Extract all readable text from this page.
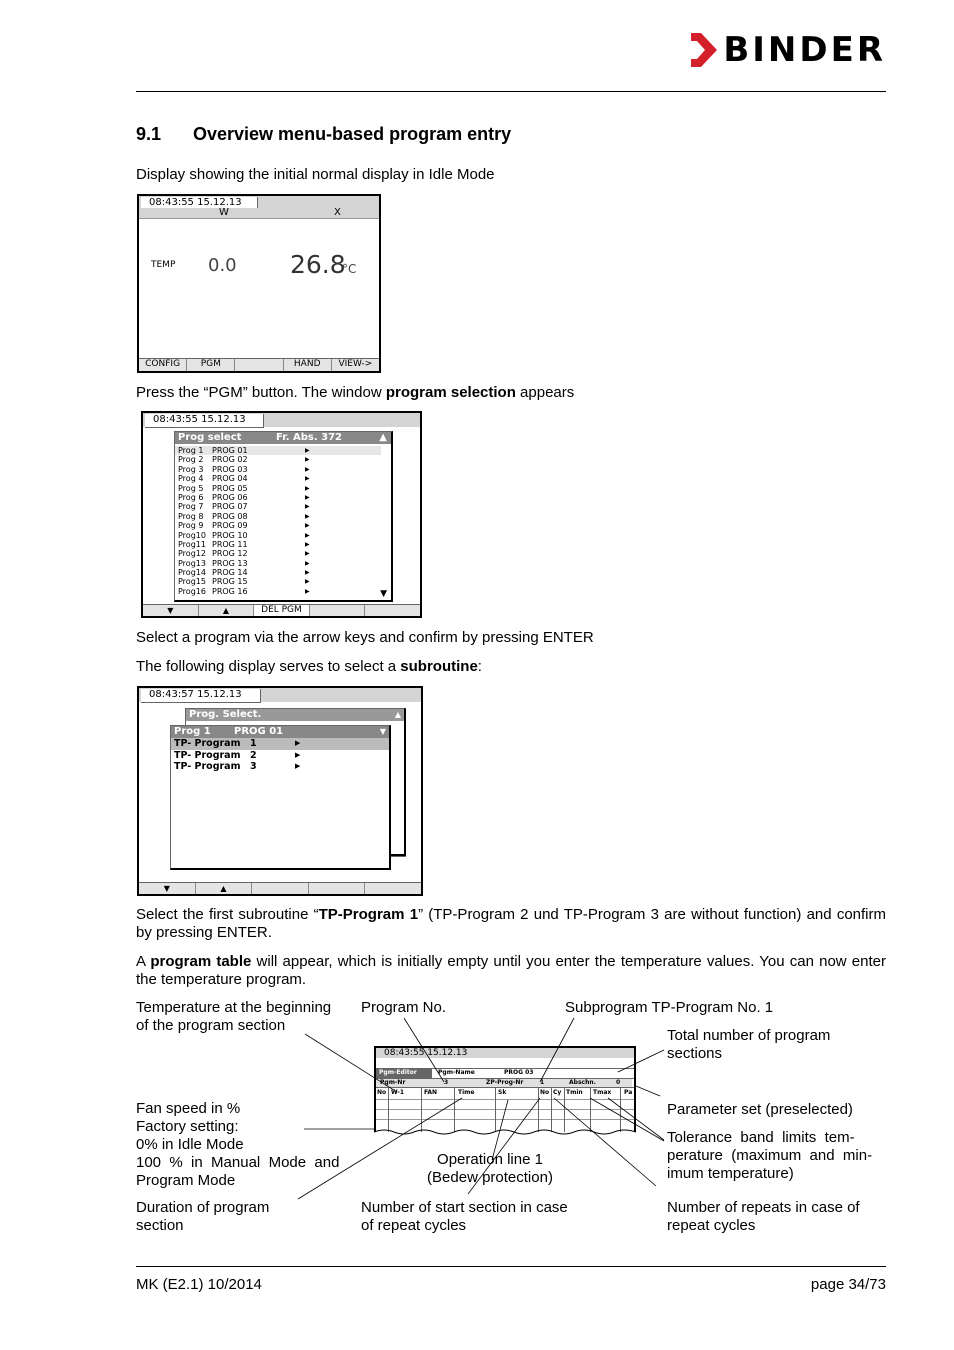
BINDER
9.1 Overview menu-based program entry
Display showing the initial normal display in Idle Mode
08:43:55 15.12.13
W	X
TEMP 0.0 26.8
°C
CONFIG	PGM	HAND	VIEW->
Press the “PGM” button. The window program selection appears
08:43:55 15.12.13
Prog select	Fr. Abs. 372	▲
Prog 1 PROG 01	▶
Prog 2 PROG 02	▶
Prog 3 PROG 03	▶
Prog 4 PROG 04	▶
Prog 5 PROG 05	▶
Prog 6 PROG 06	▶
Prog 7 PROG 07	▶
Prog 8 PROG 08	▶
Prog 9 PROG 09	▶
Prog10 PROG 10	▶
Prog11 PROG 11	▶
Prog12 PROG 12	▶
Prog13 PROG 13	▶
Prog14 PROG 14	▶
Prog15 PROG 15	▶
Prog16 PROG 16	▶	▼
▼	▲	DEL PGM
Select a program via the arrow keys and confirm by pressing ENTER
The following display serves to select a subroutine:
08:43:57 15.12.13
Prog. Select.	▲
Prog 1 PROG 01	▼
TP- Program 1	▶
TP- Program 2	▶
TP- Program 3	▶
▼	▲
Select the first subroutine “TP-Program 1” (TP-Program 2 und TP-Program 3 are without function) and confirm by pressing ENTER.
A program table will appear, which is initially empty until you enter the temperature values. You can now enter the temperature program.
Temperature at the beginning
of the program section
Program No.	Subprogram TP-Program No. 1
Total number of program
sections
Fan speed in %
Factory setting:
0% in Idle Mode
100  %  in  Manual  Mode  and
Program Mode
Parameter set (preselected)
Tolerance  band  limits  tem-
perature  (maximum  and  min-
imum temperature)
Operation line 1
(Bedew protection)
Duration of program
section
Number of start section in case
of repeat cycles
Number of repeats in case of
repeat cycles
08:43:55 15.12.13
Pgm-Editor	Pgm-Name	PROG 03
Pgm-Nr	3	ZP-Prog-Nr	1	Abschn.	0
No W-1	FAN	Time	Sk	No Cy Tmin Tmax Pa
MK (E2.1) 10/2014	page 34/73
